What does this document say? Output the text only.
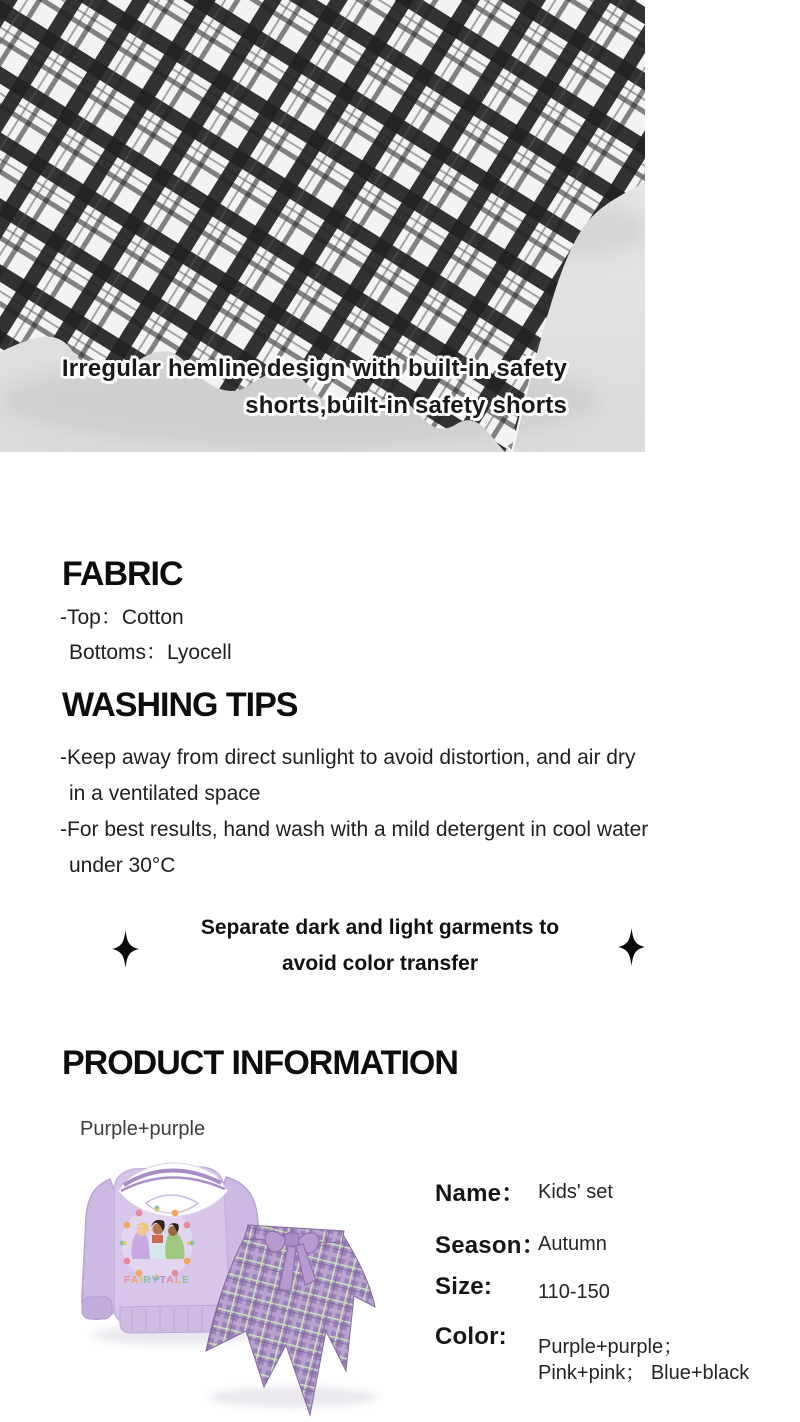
Irregular hemline design with built-in safety
shorts,built-in safety shorts
FABRIC
-Top：Cotton
Bottoms：Lyocell
WASHING TIPS
-Keep away from direct sunlight to avoid distortion, and air dry
in a ventilated space
-For best results, hand wash with a mild detergent in cool water
under 30°C
Separate dark and light garments to
avoid color transfer
PRODUCT INFORMATION
Purple+purple
FAIRYTALE
Name： Kids' set
Season：
Autumn
Size: 110-150
Color: Purple+purple；
Pink+pink； Blue+black
